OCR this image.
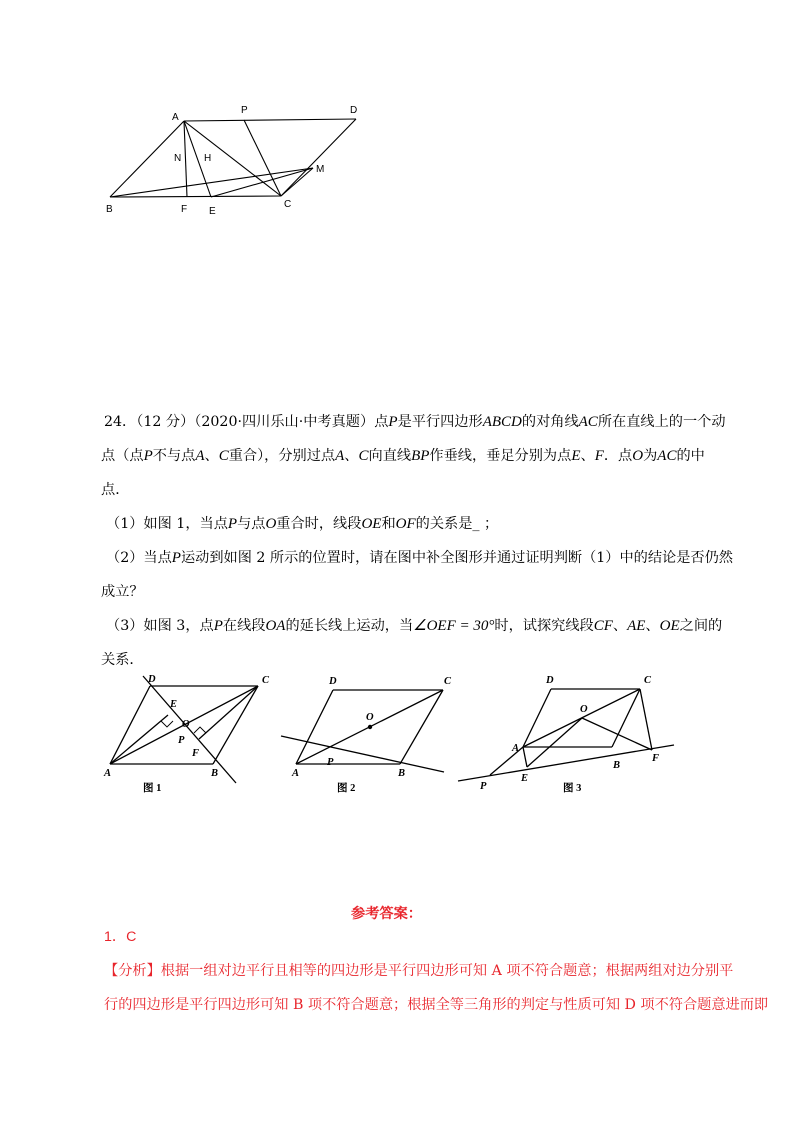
A
P	D
N H
M
B	F E
C
24．（12 分）（2020·四川乐山·中考真题）点P是平行四边形ABCD的对角线AC所在直线上的一个动
点（点P不与点A、C重合），分别过点A、C向直线BP作垂线，垂足分别为点E、F．点O为AC的中
点．
（1）如图 1，当点P与点O重合时，线段OE和OF的关系是_ ；
（2）当点P运动到如图 2 所示的位置时，请在图中补全图形并通过证明判断（1）中的结论是否仍然
成立？
（3）如图 3，点P在线段OA的延长线上运动，当∠OEF = 30°时，试探究线段CF、AE、OE之间的
关系．
D	C
E
O
P
F
A	B
图 1
D	C
O
P
A	B
图 2
D	C
O
A
E
B
F
P	图 3
参考答案：
1．C
【分析】根据一组对边平行且相等的四边形是平行四边形可知 A 项不符合题意；根据两组对边分别平
行的四边形是平行四边形可知 B 项不符合题意；根据全等三角形的判定与性质可知 D 项不符合题意进而即
